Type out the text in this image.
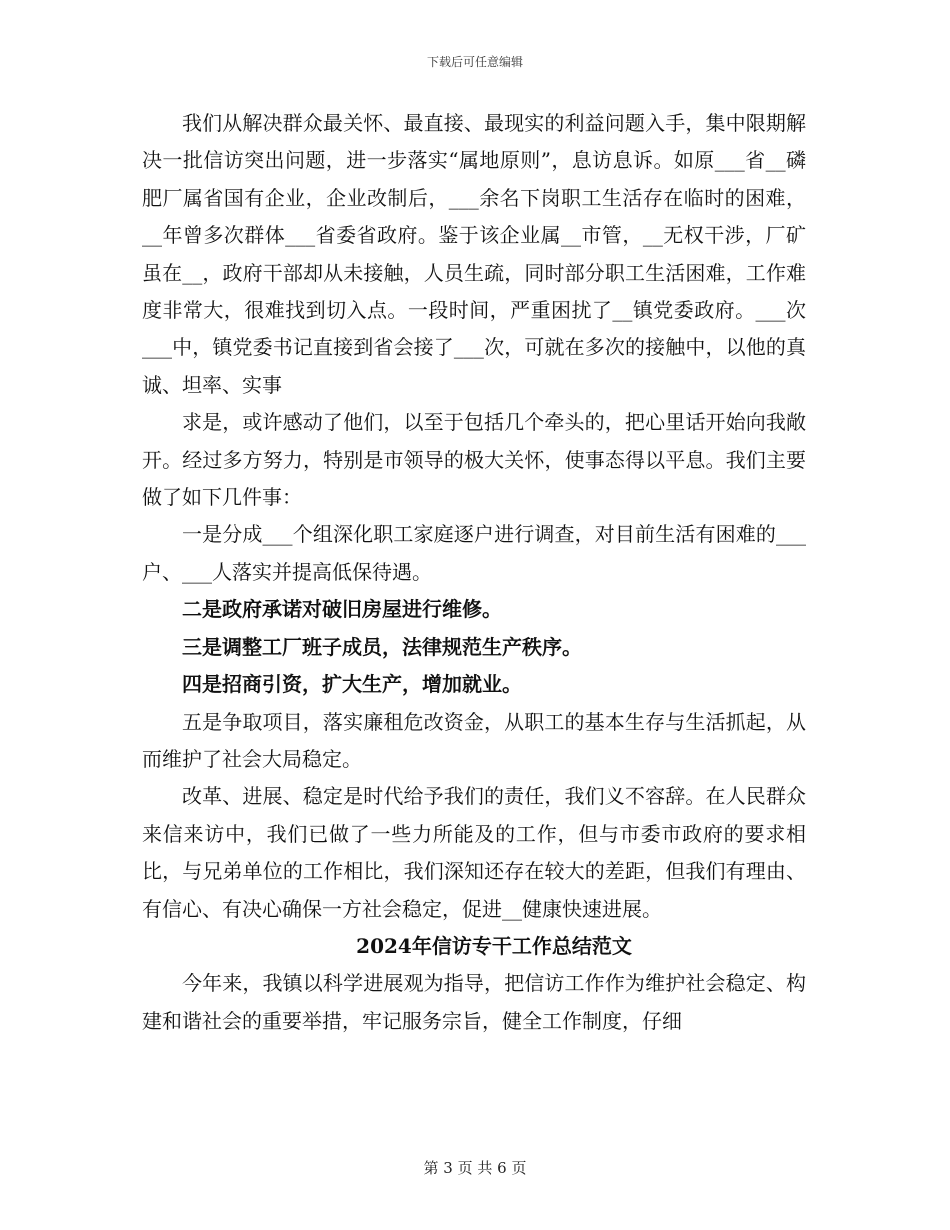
下载后可任意编辑

我们从解决群众最关怀、最直接、最现实的利益问题入手，集中限期解决一批信访突出问题，进一步落实“属地原则”，息访息诉。如原___省__磷肥厂属省国有企业，企业改制后，___余名下岗职工生活存在临时的困难，__年曾多次群体___省委省政府。鉴于该企业属__市管，__无权干涉，厂矿虽在__，政府干部却从未接触，人员生疏，同时部分职工生活困难，工作难度非常大，很难找到切入点。一段时间，严重困扰了__镇党委政府。___次___中，镇党委书记直接到省会接了___次，可就在多次的接触中，以他的真诚、坦率、实事

求是，或许感动了他们，以至于包括几个牵头的，把心里话开始向我敞开。经过多方努力，特别是市领导的极大关怀，使事态得以平息。我们主要做了如下几件事：

一是分成___个组深化职工家庭逐户进行调查，对目前生活有困难的___户、___人落实并提高低保待遇。

二是政府承诺对破旧房屋进行维修。

三是调整工厂班子成员，法律规范生产秩序。

四是招商引资，扩大生产，增加就业。

五是争取项目，落实廉租危改资金，从职工的基本生存与生活抓起，从而维护了社会大局稳定。

改革、进展、稳定是时代给予我们的责任，我们义不容辞。在人民群众来信来访中，我们已做了一些力所能及的工作，但与市委市政府的要求相比，与兄弟单位的工作相比，我们深知还存在较大的差距，但我们有理由、有信心、有决心确保一方社会稳定，促进__健康快速进展。

2024年信访专干工作总结范文

今年来，我镇以科学进展观为指导，把信访工作作为维护社会稳定、构建和谐社会的重要举措，牢记服务宗旨，健全工作制度，仔细

第 3 页 共 6 页
